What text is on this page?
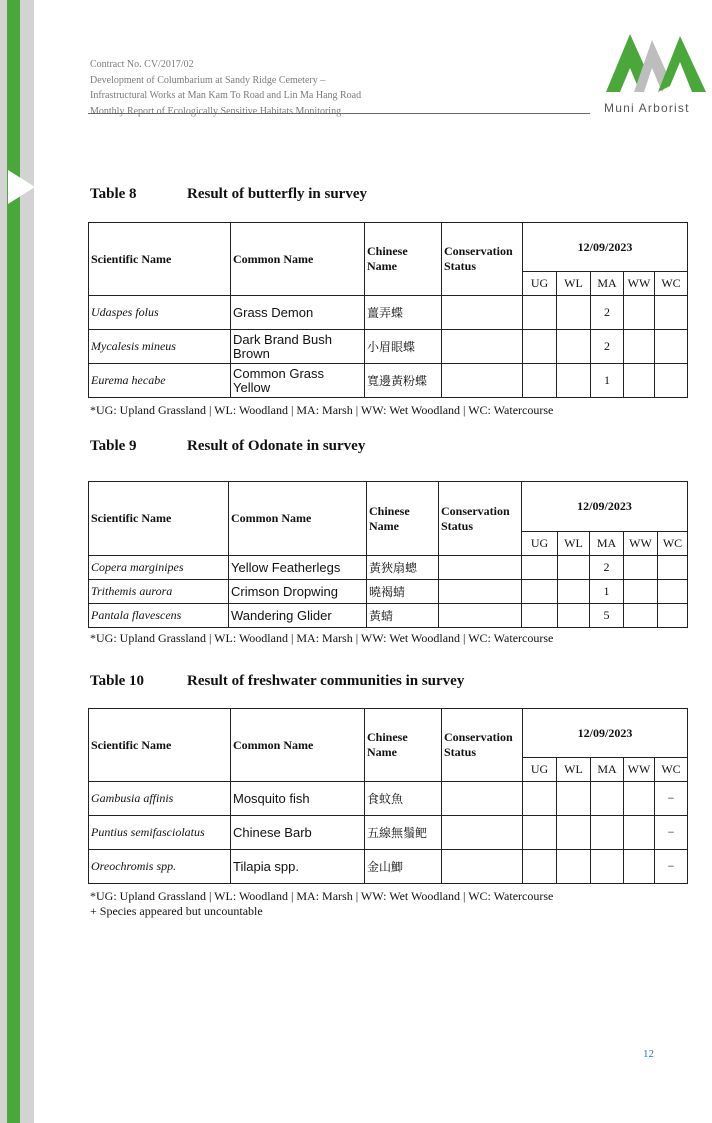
Contract No. CV/2017/02
Development of Columbarium at Sandy Ridge Cemetery –
Infrastructural Works at Man Kam To Road and Lin Ma Hang Road
Monthly Report of Ecologically Sensitive Habitats Monitoring	Muni Arborist
Table 8	Result of butterfly in survey
Scientific Name	Common Name	Chinese Name	Conservation Status	12/09/2023				
				UG	WL	MA	WW	WC
Udaspes folus	Grass Demon	薑弄蝶				2		
Mycalesis mineus	Dark Brand Bush Brown	小眉眼蝶				2		
Eurema hecabe	Common Grass Yellow	寬邊黃粉蝶				1		
*UG: Upland Grassland | WL: Woodland | MA: Marsh | WW: Wet Woodland | WC: Watercourse
Table 9	Result of Odonate in survey
Scientific Name	Common Name	Chinese Name	Conservation Status	12/09/2023				
				UG	WL	MA	WW	WC
Copera marginipes	Yellow Featherlegs	黃狹扇蟌				2		
Trithemis aurora	Crimson Dropwing	曉褐蜻				1		
Pantala flavescens	Wandering Glider	黃蜻				5		
*UG: Upland Grassland | WL: Woodland | MA: Marsh | WW: Wet Woodland | WC: Watercourse
Table 10	Result of freshwater communities in survey
Scientific Name	Common Name	Chinese Name	Conservation Status	12/09/2023				
				UG	WL	MA	WW	WC
Gambusia affinis	Mosquito fish	食蚊魚						−
Puntius semifasciolatus	Chinese Barb	五線無鬚鲃						−
Oreochromis spp.	Tilapia spp.	金山鯽						−
*UG: Upland Grassland | WL: Woodland | MA: Marsh | WW: Wet Woodland | WC: Watercourse
+ Species appeared but uncountable
12
